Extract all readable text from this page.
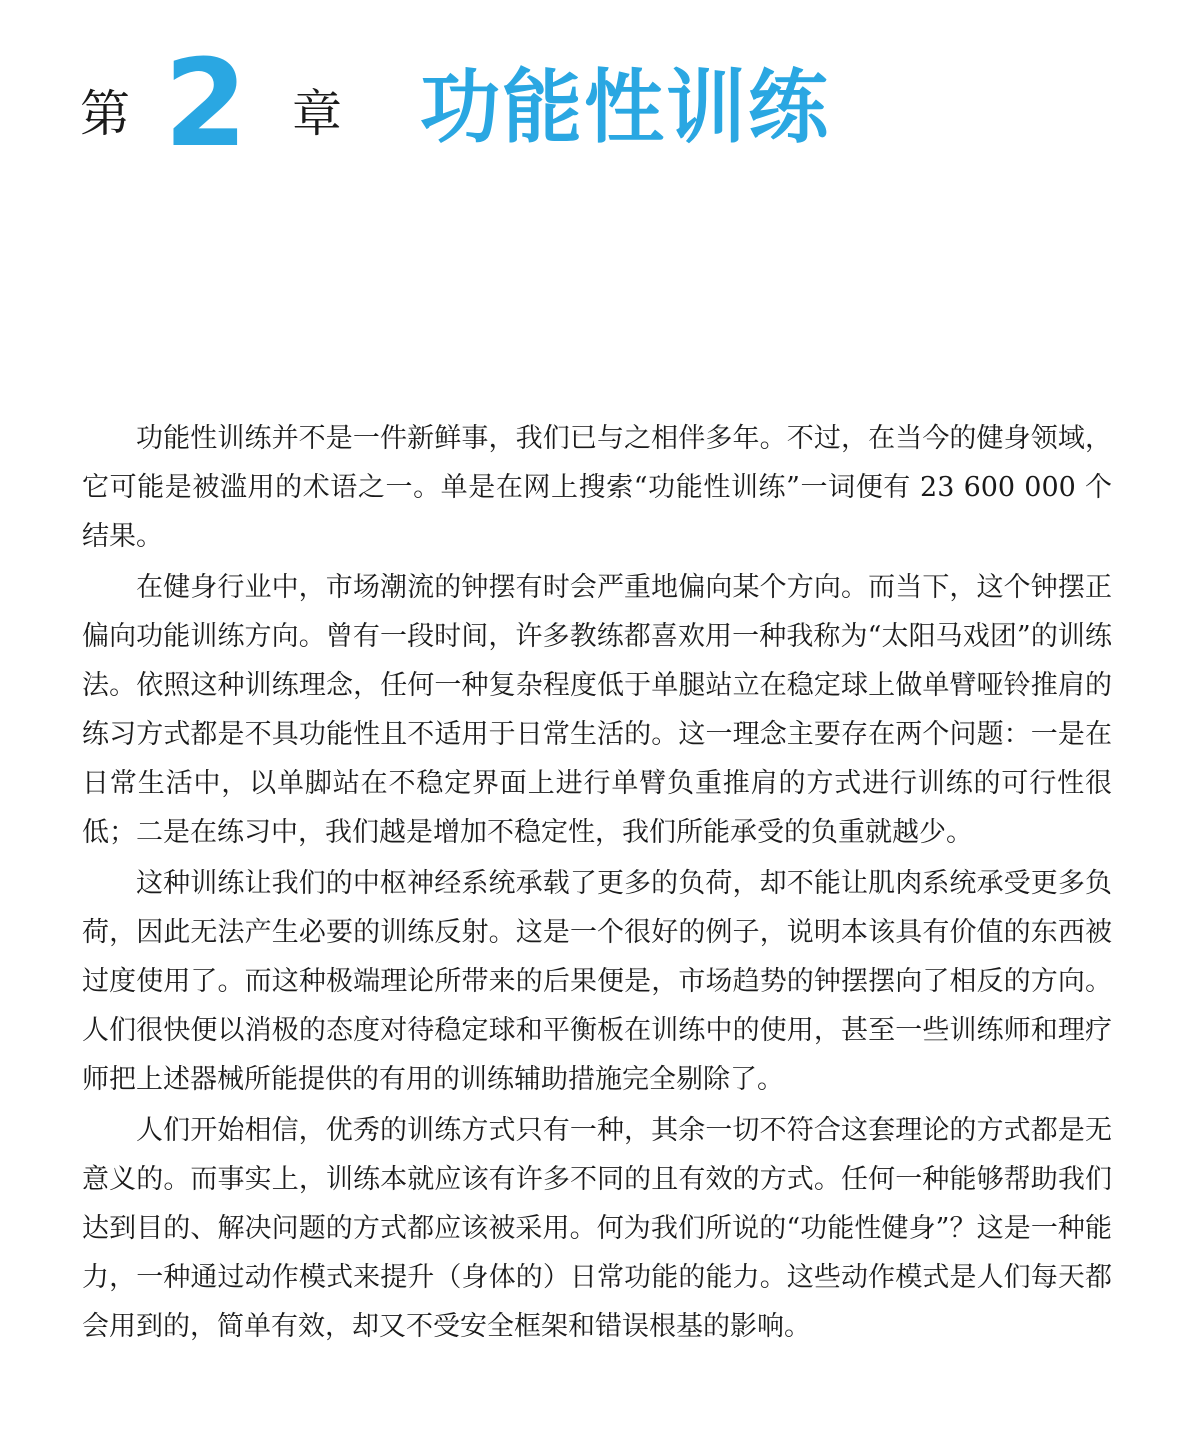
第 2 章 功能性训练

功能性训练并不是一件新鲜事，我们已与之相伴多年。不过，在当今的健身领域，它可能是被滥用的术语之一。单是在网上搜索“功能性训练”一词便有 23 600 000 个结果。

在健身行业中，市场潮流的钟摆有时会严重地偏向某个方向。而当下，这个钟摆正偏向功能训练方向。曾有一段时间，许多教练都喜欢用一种我称为“太阳马戏团”的训练法。依照这种训练理念，任何一种复杂程度低于单腿站立在稳定球上做单臂哑铃推肩的练习方式都是不具功能性且不适用于日常生活的。这一理念主要存在两个问题：一是在日常生活中，以单脚站在不稳定界面上进行单臂负重推肩的方式进行训练的可行性很低；二是在练习中，我们越是增加不稳定性，我们所能承受的负重就越少。

这种训练让我们的中枢神经系统承载了更多的负荷，却不能让肌肉系统承受更多负荷，因此无法产生必要的训练反射。这是一个很好的例子，说明本该具有价值的东西被过度使用了。而这种极端理论所带来的后果便是，市场趋势的钟摆摆向了相反的方向。人们很快便以消极的态度对待稳定球和平衡板在训练中的使用，甚至一些训练师和理疗师把上述器械所能提供的有用的训练辅助措施完全剔除了。

人们开始相信，优秀的训练方式只有一种，其余一切不符合这套理论的方式都是无意义的。而事实上，训练本就应该有许多不同的且有效的方式。任何一种能够帮助我们达到目的、解决问题的方式都应该被采用。何为我们所说的“功能性健身”？这是一种能力，一种通过动作模式来提升（身体的）日常功能的能力。这些动作模式是人们每天都会用到的，简单有效，却又不受安全框架和错误根基的影响。
